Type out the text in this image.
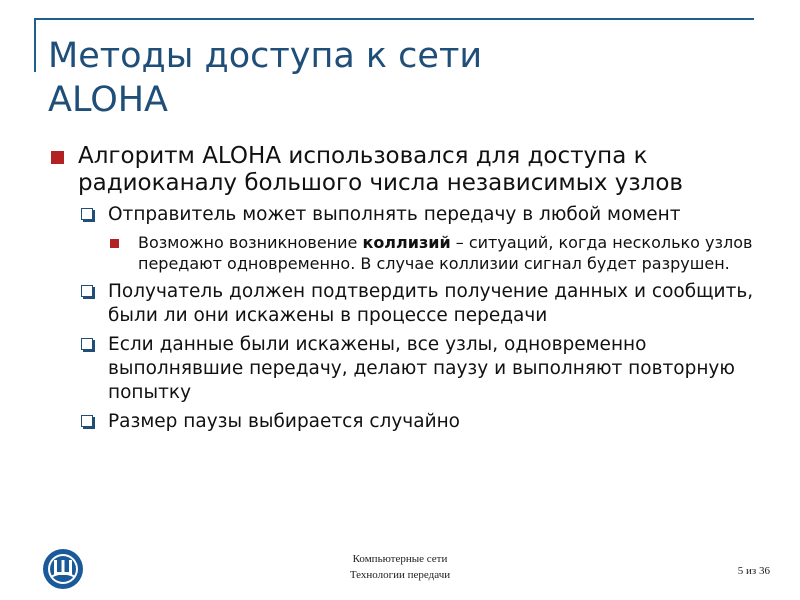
Методы доступа к сети
ALOHA
Алгоритм ALOHA использовался для доступа к радиоканалу большого числа независимых узлов
Отправитель может выполнять передачу в любой момент
Возможно возникновение коллизий – ситуаций, когда несколько узлов передают одновременно. В случае коллизии сигнал будет разрушен.
Получатель должен подтвердить получение данных и сообщить, были ли они искажены в процессе передачи
Если данные были искажены, все узлы, одновременно выполнявшие передачу, делают паузу и выполняют повторную попытку
Размер паузы выбирается случайно
Компьютерные сети
Технологии передачи	5 из 36
